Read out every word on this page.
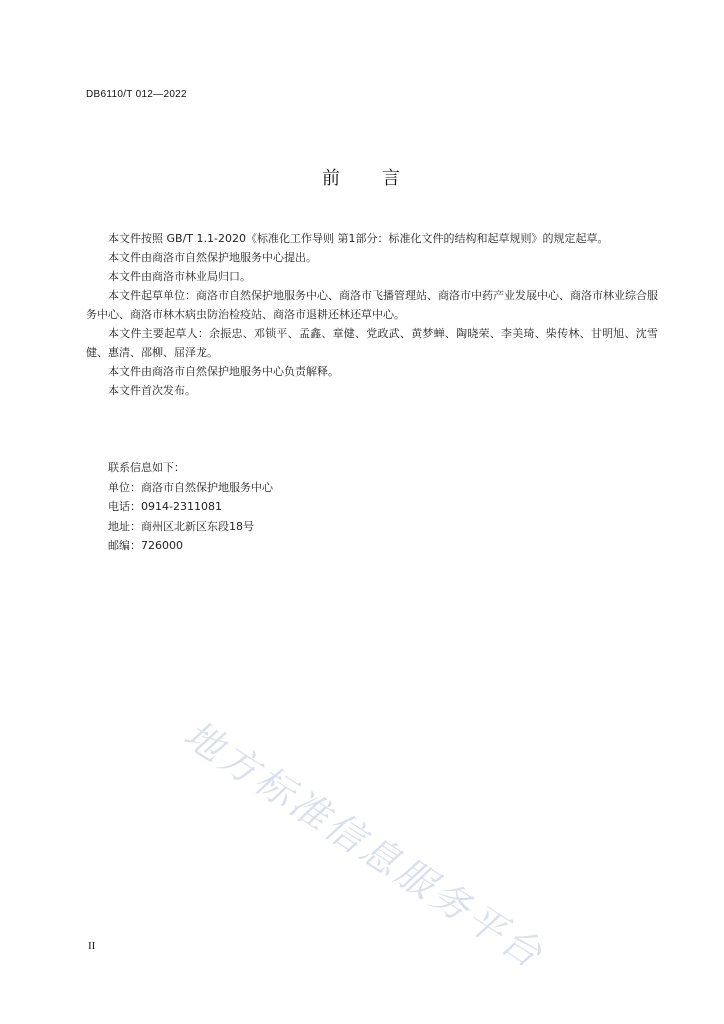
DB6110/T 012—2022
前 言

本文件按照 GB/T 1.1-2020《标准化工作导则 第1部分：标准化文件的结构和起草规则》的规定起草。

本文件由商洛市自然保护地服务中心提出。

本文件由商洛市林业局归口。

本文件起草单位：商洛市自然保护地服务中心、商洛市飞播管理站、商洛市中药产业发展中心、商洛市林业综合服务中心、商洛市林木病虫防治检疫站、商洛市退耕还林还草中心。

本文件主要起草人：余振忠、邓锁平、孟鑫、章健、党政武、黄梦蝉、陶晓荣、李美琦、柴传林、甘明旭、沈雪健、惠清、邵柳、屈泽龙。

本文件由商洛市自然保护地服务中心负责解释。

本文件首次发布。

联系信息如下：

单位：商洛市自然保护地服务中心

电话：0914-2311081

地址：商州区北新区东段18号

邮编：726000

地方标准信息服务平台
II
